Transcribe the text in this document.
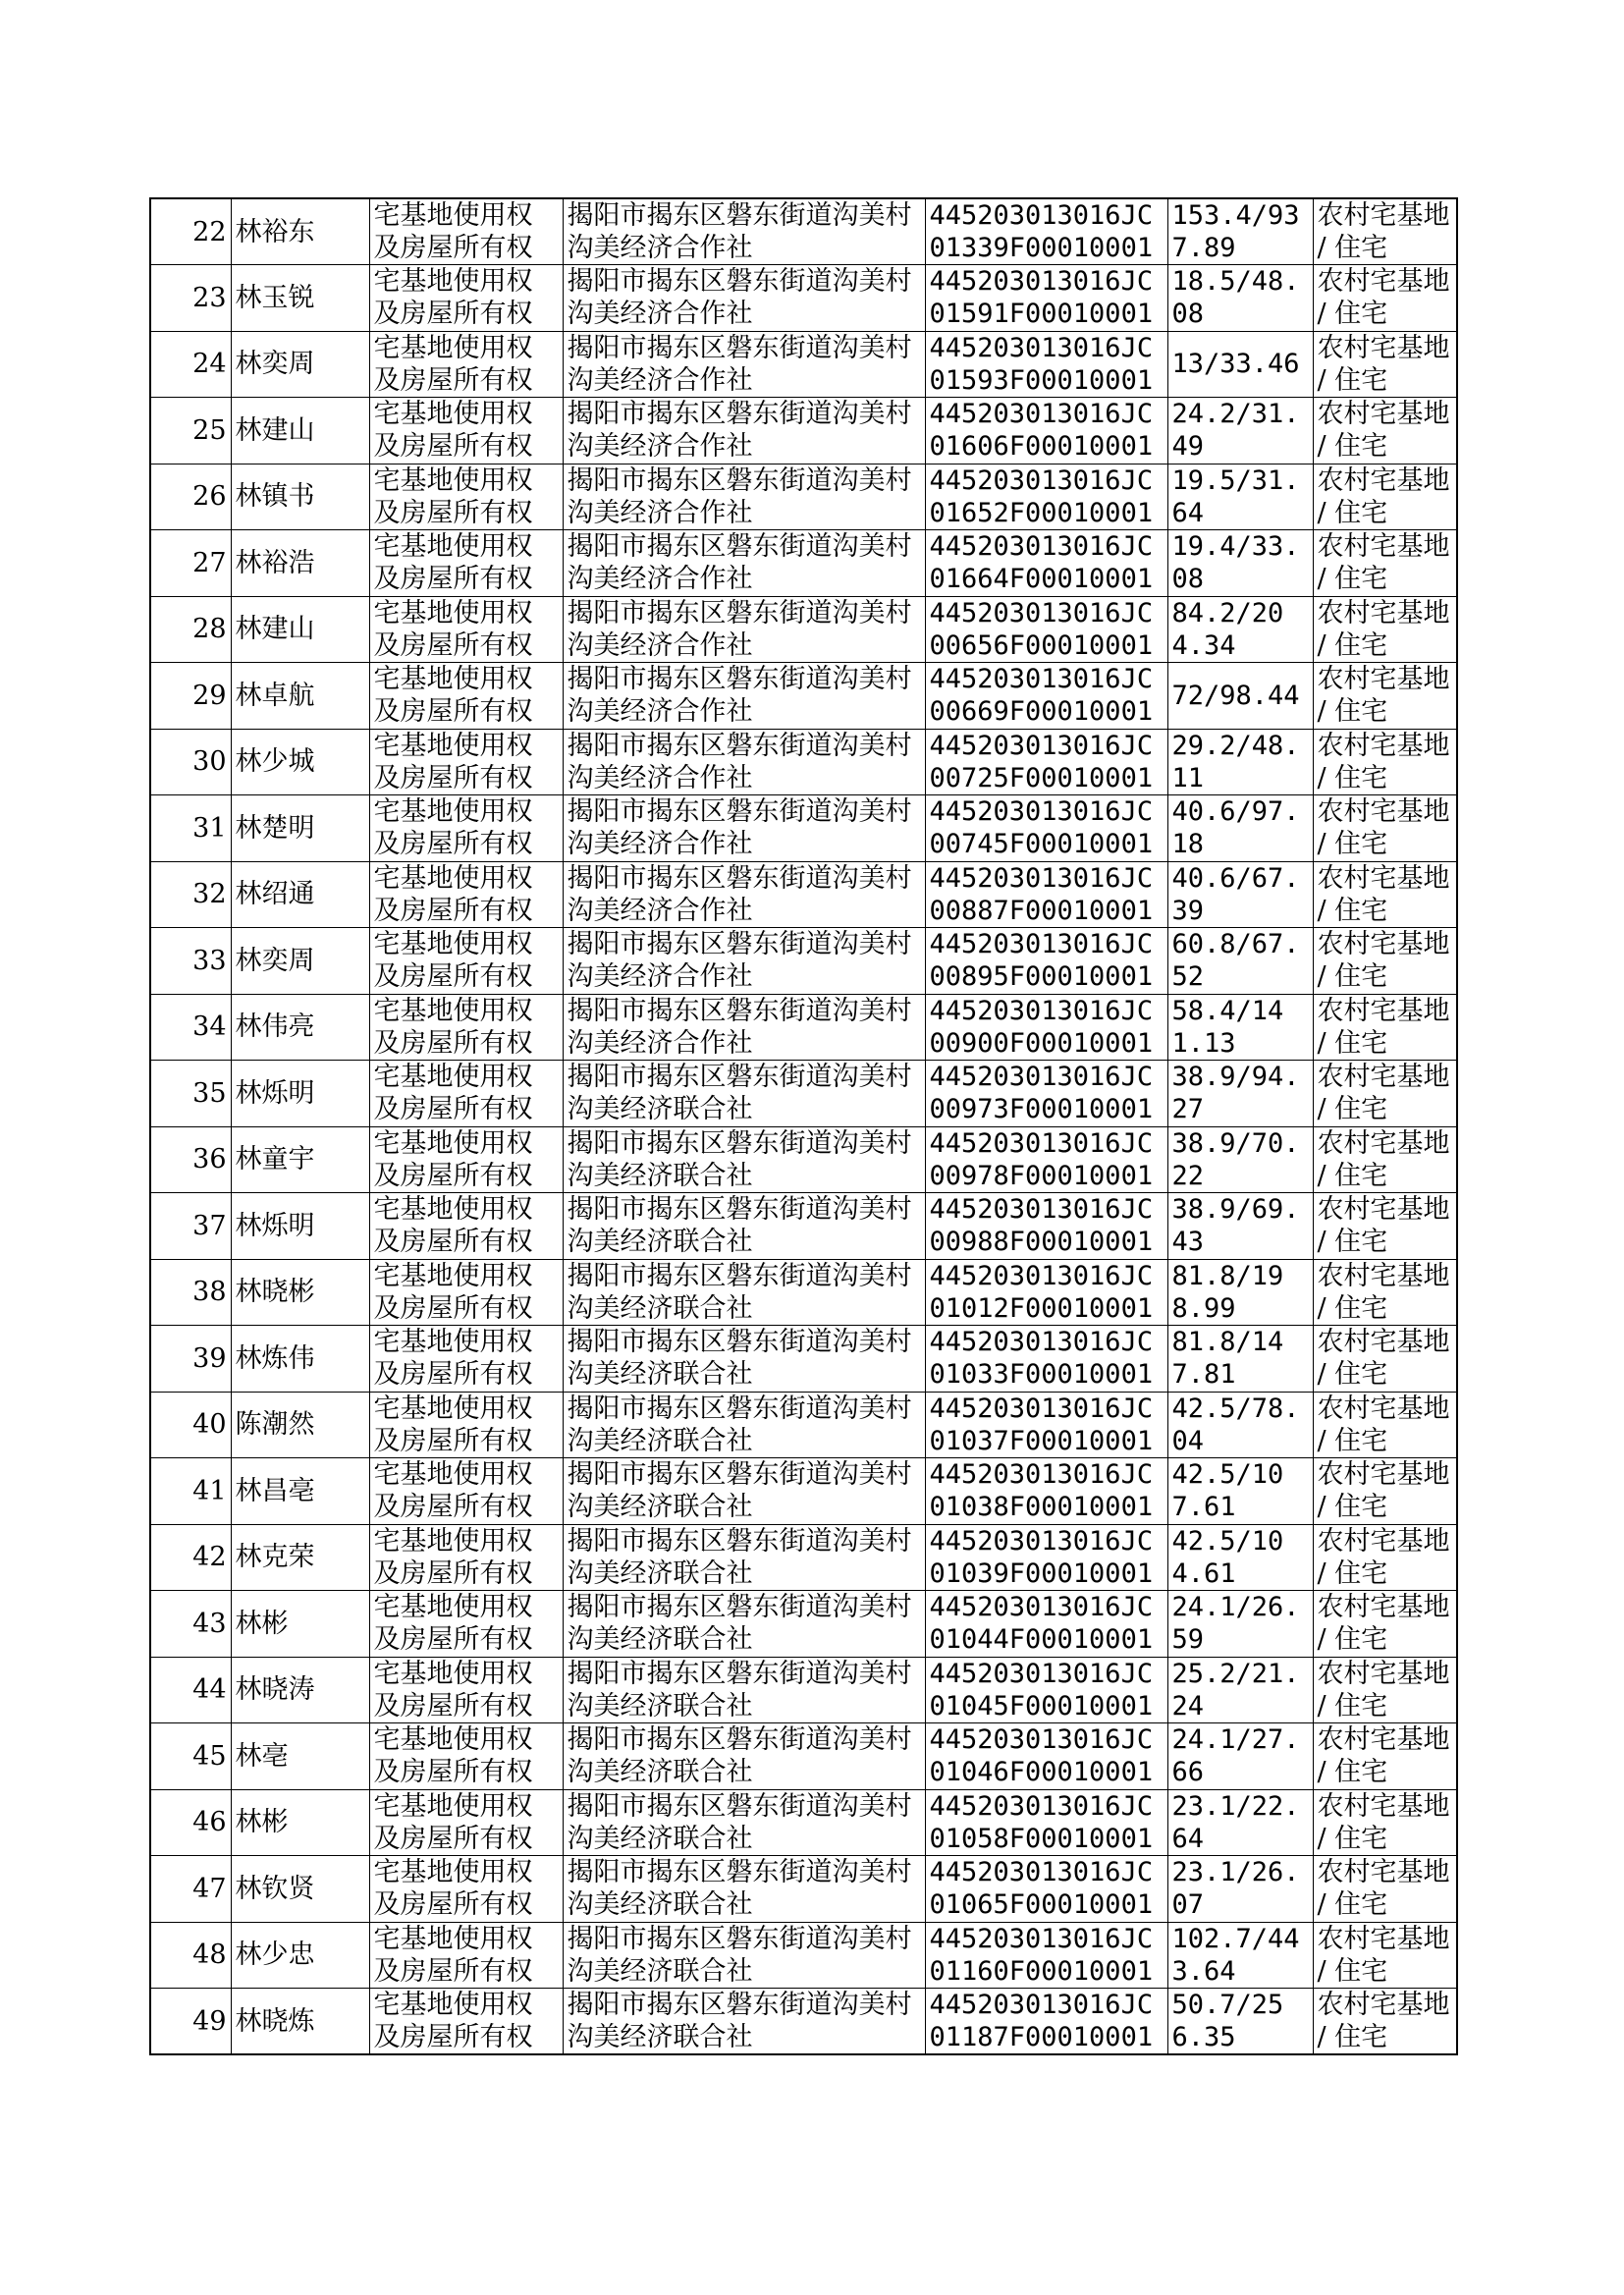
22	林裕东	宅基地使用权及房屋所有权	揭阳市揭东区磐东街道沟美村沟美经济合作社	445203013016JC01339F00010001	153.4/937.89	农村宅基地 / 住宅
23	林玉锐	宅基地使用权及房屋所有权	揭阳市揭东区磐东街道沟美村沟美经济合作社	445203013016JC01591F00010001	18.5/48.08	农村宅基地 / 住宅
24	林奕周	宅基地使用权及房屋所有权	揭阳市揭东区磐东街道沟美村沟美经济合作社	445203013016JC01593F00010001	13/33.46	农村宅基地 / 住宅
25	林建山	宅基地使用权及房屋所有权	揭阳市揭东区磐东街道沟美村沟美经济合作社	445203013016JC01606F00010001	24.2/31.49	农村宅基地 / 住宅
26	林镇书	宅基地使用权及房屋所有权	揭阳市揭东区磐东街道沟美村沟美经济合作社	445203013016JC01652F00010001	19.5/31.64	农村宅基地 / 住宅
27	林裕浩	宅基地使用权及房屋所有权	揭阳市揭东区磐东街道沟美村沟美经济合作社	445203013016JC01664F00010001	19.4/33.08	农村宅基地 / 住宅
28	林建山	宅基地使用权及房屋所有权	揭阳市揭东区磐东街道沟美村沟美经济合作社	445203013016JC00656F00010001	84.2/204.34	农村宅基地 / 住宅
29	林卓航	宅基地使用权及房屋所有权	揭阳市揭东区磐东街道沟美村沟美经济合作社	445203013016JC00669F00010001	72/98.44	农村宅基地 / 住宅
30	林少城	宅基地使用权及房屋所有权	揭阳市揭东区磐东街道沟美村沟美经济合作社	445203013016JC00725F00010001	29.2/48.11	农村宅基地 / 住宅
31	林楚明	宅基地使用权及房屋所有权	揭阳市揭东区磐东街道沟美村沟美经济合作社	445203013016JC00745F00010001	40.6/97.18	农村宅基地 / 住宅
32	林绍通	宅基地使用权及房屋所有权	揭阳市揭东区磐东街道沟美村沟美经济合作社	445203013016JC00887F00010001	40.6/67.39	农村宅基地 / 住宅
33	林奕周	宅基地使用权及房屋所有权	揭阳市揭东区磐东街道沟美村沟美经济合作社	445203013016JC00895F00010001	60.8/67.52	农村宅基地 / 住宅
34	林伟亮	宅基地使用权及房屋所有权	揭阳市揭东区磐东街道沟美村沟美经济合作社	445203013016JC00900F00010001	58.4/141.13	农村宅基地 / 住宅
35	林烁明	宅基地使用权及房屋所有权	揭阳市揭东区磐东街道沟美村沟美经济联合社	445203013016JC00973F00010001	38.9/94.27	农村宅基地 / 住宅
36	林童宇	宅基地使用权及房屋所有权	揭阳市揭东区磐东街道沟美村沟美经济联合社	445203013016JC00978F00010001	38.9/70.22	农村宅基地 / 住宅
37	林烁明	宅基地使用权及房屋所有权	揭阳市揭东区磐东街道沟美村沟美经济联合社	445203013016JC00988F00010001	38.9/69.43	农村宅基地 / 住宅
38	林晓彬	宅基地使用权及房屋所有权	揭阳市揭东区磐东街道沟美村沟美经济联合社	445203013016JC01012F00010001	81.8/198.99	农村宅基地 / 住宅
39	林炼伟	宅基地使用权及房屋所有权	揭阳市揭东区磐东街道沟美村沟美经济联合社	445203013016JC01033F00010001	81.8/147.81	农村宅基地 / 住宅
40	陈潮然	宅基地使用权及房屋所有权	揭阳市揭东区磐东街道沟美村沟美经济联合社	445203013016JC01037F00010001	42.5/78.04	农村宅基地 / 住宅
41	林昌亳	宅基地使用权及房屋所有权	揭阳市揭东区磐东街道沟美村沟美经济联合社	445203013016JC01038F00010001	42.5/107.61	农村宅基地 / 住宅
42	林克荣	宅基地使用权及房屋所有权	揭阳市揭东区磐东街道沟美村沟美经济联合社	445203013016JC01039F00010001	42.5/104.61	农村宅基地 / 住宅
43	林彬	宅基地使用权及房屋所有权	揭阳市揭东区磐东街道沟美村沟美经济联合社	445203013016JC01044F00010001	24.1/26.59	农村宅基地 / 住宅
44	林晓涛	宅基地使用权及房屋所有权	揭阳市揭东区磐东街道沟美村沟美经济联合社	445203013016JC01045F00010001	25.2/21.24	农村宅基地 / 住宅
45	林亳	宅基地使用权及房屋所有权	揭阳市揭东区磐东街道沟美村沟美经济联合社	445203013016JC01046F00010001	24.1/27.66	农村宅基地 / 住宅
46	林彬	宅基地使用权及房屋所有权	揭阳市揭东区磐东街道沟美村沟美经济联合社	445203013016JC01058F00010001	23.1/22.64	农村宅基地 / 住宅
47	林钦贤	宅基地使用权及房屋所有权	揭阳市揭东区磐东街道沟美村沟美经济联合社	445203013016JC01065F00010001	23.1/26.07	农村宅基地 / 住宅
48	林少忠	宅基地使用权及房屋所有权	揭阳市揭东区磐东街道沟美村沟美经济联合社	445203013016JC01160F00010001	102.7/443.64	农村宅基地 / 住宅
49	林晓炼	宅基地使用权及房屋所有权	揭阳市揭东区磐东街道沟美村沟美经济联合社	445203013016JC01187F00010001	50.7/256.35	农村宅基地 / 住宅
